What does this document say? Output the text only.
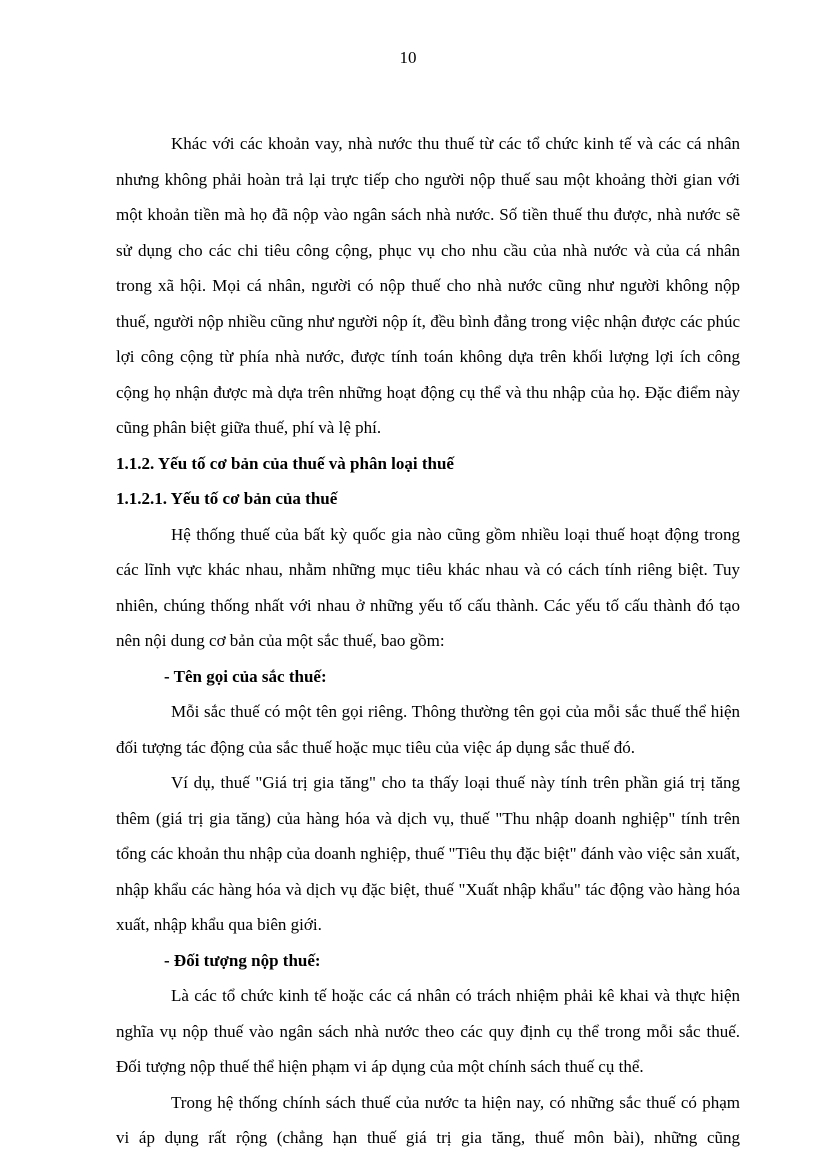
10

Khác với các khoản vay, nhà nước thu thuế từ các tổ chức kinh tế và các cá nhân nhưng không phải hoàn trả lại trực tiếp cho người nộp thuế sau một khoảng thời gian với một khoản tiền mà họ đã nộp vào ngân sách nhà nước. Số tiền thuế thu được, nhà nước sẽ sử dụng cho các chi tiêu công cộng, phục vụ cho nhu cầu của nhà nước và của cá nhân trong xã hội. Mọi cá nhân, người có nộp thuế cho nhà nước cũng như người không nộp thuế, người nộp nhiều cũng như người nộp ít, đều bình đẳng trong việc nhận được các phúc lợi công cộng từ phía nhà nước, được tính toán không dựa trên khối lượng lợi ích công cộng họ nhận được mà dựa trên những hoạt động cụ thể và thu nhập của họ. Đặc điểm này cũng phân biệt giữa thuế, phí và lệ phí.

1.1.2. Yếu tố cơ bản của thuế và phân loại thuế

1.1.2.1. Yếu tố cơ bản của thuế

Hệ thống thuế của bất kỳ quốc gia nào cũng gồm nhiều loại thuế hoạt động trong các lĩnh vực khác nhau, nhằm những mục tiêu khác nhau và có cách tính riêng biệt. Tuy nhiên, chúng thống nhất với nhau ở những yếu tố cấu thành. Các yếu tố cấu thành đó tạo nên nội dung cơ bản của một sắc thuế, bao gồm:

- Tên gọi của sắc thuế:

Mỗi sắc thuế có một tên gọi riêng. Thông thường tên gọi của mỗi sắc thuế thể hiện đối tượng tác động của sắc thuế hoặc mục tiêu của việc áp dụng sắc thuế đó.

Ví dụ, thuế "Giá trị gia tăng" cho ta thấy loại thuế này tính trên phần giá trị tăng thêm (giá trị gia tăng) của hàng hóa và dịch vụ, thuế "Thu nhập doanh nghiệp" tính trên tổng các khoản thu nhập của doanh nghiệp, thuế "Tiêu thụ đặc biệt" đánh vào việc sản xuất, nhập khẩu các hàng hóa và dịch vụ đặc biệt, thuế "Xuất nhập khẩu" tác động vào hàng hóa xuất, nhập khẩu qua biên giới.

- Đối tượng nộp thuế:

Là các tổ chức kinh tế hoặc các cá nhân có trách nhiệm phải kê khai và thực hiện nghĩa vụ nộp thuế vào ngân sách nhà nước theo các quy định cụ thể trong mỗi sắc thuế. Đối tượng nộp thuế thể hiện phạm vi áp dụng của một chính sách thuế cụ thể.

Trong hệ thống chính sách thuế của nước ta hiện nay, có những sắc thuế có phạm vi áp dụng rất rộng (chẳng hạn thuế giá trị gia tăng, thuế môn bài), những cũng
